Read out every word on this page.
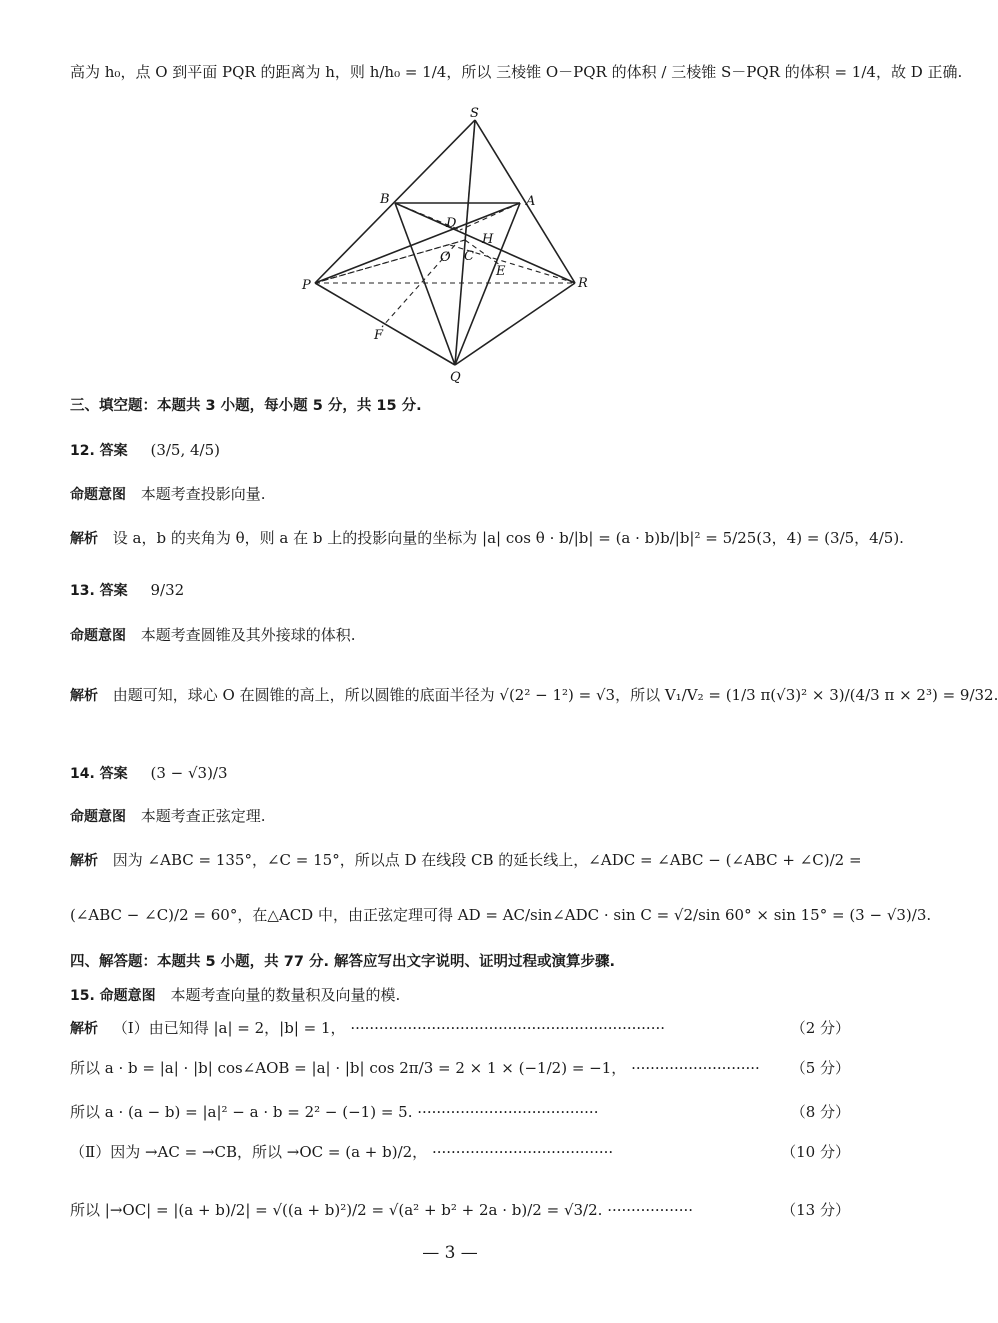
高为 h₀，点 O 到平面 PQR 的距离为 h，则 h/h₀ = 1/4，所以 三棱锥 O－PQR 的体积 / 三棱锥 S－PQR 的体积 = 1/4，故 D 正确.
S
A
B
D
H
O C
E
P	R
F
Q
三、填空题：本题共 3 小题，每小题 5 分，共 15 分.
12. 答案 (3/5, 4/5)
命题意图 本题考查投影向量.
解析 设 a，b 的夹角为 θ，则 a 在 b 上的投影向量的坐标为 |a| cos θ · b/|b| = (a · b)b/|b|² = 5/25(3，4) = (3/5，4/5).
13. 答案 9/32
命题意图 本题考查圆锥及其外接球的体积.
解析 由题可知，球心 O 在圆锥的高上，所以圆锥的底面半径为 √(2² − 1²) = √3，所以 V₁/V₂ = (1/3 π(√3)² × 3)/(4/3 π × 2³) = 9/32.
14. 答案 (3 − √3)/3
命题意图 本题考查正弦定理.
解析 因为 ∠ABC = 135°，∠C = 15°，所以点 D 在线段 CB 的延长线上，∠ADC = ∠ABC − (∠ABC + ∠C)/2 =
(∠ABC − ∠C)/2 = 60°，在△ACD 中，由正弦定理可得 AD = AC/sin∠ADC · sin C = √2/sin 60° × sin 15° = (3 − √3)/3.
四、解答题：本题共 5 小题，共 77 分. 解答应写出文字说明、证明过程或演算步骤.
15. 命题意图 本题考查向量的数量积及向量的模.
解析 （Ⅰ）由已知得 |a| = 2，|b| = 1， ··································································	（2 分）
所以 a · b = |a| · |b| cos∠AOB = |a| · |b| cos 2π/3 = 2 × 1 × (−1/2) = −1， ···························	（5 分）
所以 a · (a − b) = |a|² − a · b = 2² − (−1) = 5. ······································	（8 分）
（Ⅱ）因为 →AC = →CB，所以 →OC = (a + b)/2， ······································	（10 分）
所以 |→OC| = |(a + b)/2| = √((a + b)²)/2 = √(a² + b² + 2a · b)/2 = √3/2. ··················	（13 分）
— 3 —
